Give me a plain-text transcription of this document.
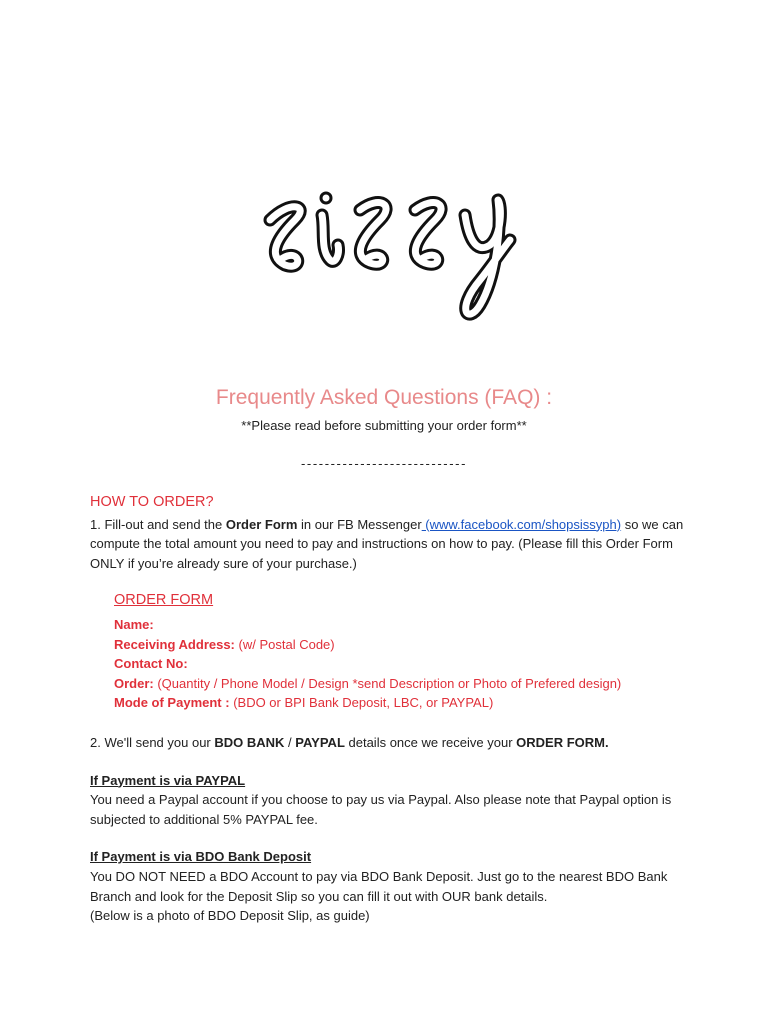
Frequently Asked Questions (FAQ) :
**Please read before submitting your order form**
----------------------------
HOW TO ORDER?

1. Fill-out and send the Order Form in our FB Messenger (www.facebook.com/shopsissyph) so we can compute the total amount you need to pay and instructions on how to pay. (Please fill this Order Form ONLY if you’re already sure of your purchase.)

ORDER FORM
Name:
Receiving Address: (w/ Postal Code)
Contact No:
Order: (Quantity / Phone Model / Design *send Description or Photo of Prefered design)
Mode of Payment : (BDO or BPI Bank Deposit, LBC, or PAYPAL)

2. We'll send you our BDO BANK / PAYPAL details once we receive your ORDER FORM.

If Payment is via PAYPAL

You need a Paypal account if you choose to pay us via Paypal. Also please note that Paypal option is subjected to additional 5% PAYPAL fee.

If Payment is via BDO Bank Deposit

You DO NOT NEED a BDO Account to pay via BDO Bank Deposit. Just go to the nearest BDO Bank Branch and look for the Deposit Slip so you can fill it out with OUR bank details.

(Below is a photo of BDO Deposit Slip, as guide)
